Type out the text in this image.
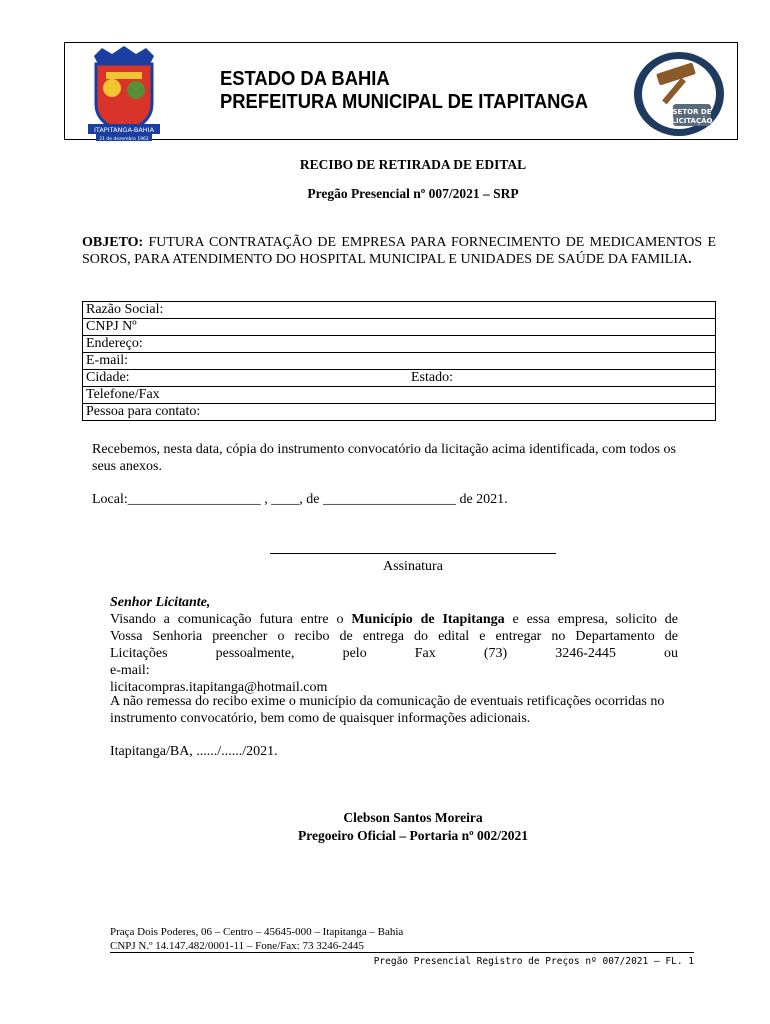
ITAPITANGA-BAHIA
21 de dezembro 1962
ESTADO DA BAHIA
PREFEITURA MUNICIPAL DE ITAPITANGA	SETOR DE
LICITAÇÃO
RECIBO DE RETIRADA DE EDITAL
Pregão Presencial nº 007/2021 – SRP
OBJETO: FUTURA CONTRATAÇÃO DE EMPRESA PARA FORNECIMENTO DE MEDICAMENTOS E SOROS, PARA ATENDIMENTO DO HOSPITAL MUNICIPAL E UNIDADES DE SAÚDE DA FAMILIA.
Razão Social:
CNPJ Nº
Endereço:
E-mail:
Cidade:	Estado:

Telefone/Fax
Pessoa para contato:
Recebemos, nesta data, cópia do instrumento convocatório da licitação acima identificada, com todos os seus anexos.
Local:___________________ , ____, de ___________________ de 2021.
Assinatura
Senhor Licitante,
Visando a comunicação futura entre o Município de Itapitanga e essa empresa, solicito de
Vossa Senhoria preencher o recibo de entrega do edital e entregar no Departamento de
Licitações pessoalmente, pelo Fax (73) 3246-2445 ou e-mail:
licitacompras.itapitanga@hotmail.com
A não remessa do recibo exime o município da comunicação de eventuais retificações ocorridas no instrumento convocatório, bem como de quaisquer informações adicionais.
Itapitanga/BA, ....../....../2021.
Clebson Santos Moreira
Pregoeiro Oficial – Portaria nº 002/2021
Praça Dois Poderes, 06 – Centro – 45645-000 – Itapitanga – Bahia
CNPJ N.º 14.147.482/0001-11 – Fone/Fax: 73 3246-2445
Pregão Presencial Registro de Preços nº 007/2021 – FL. 1
